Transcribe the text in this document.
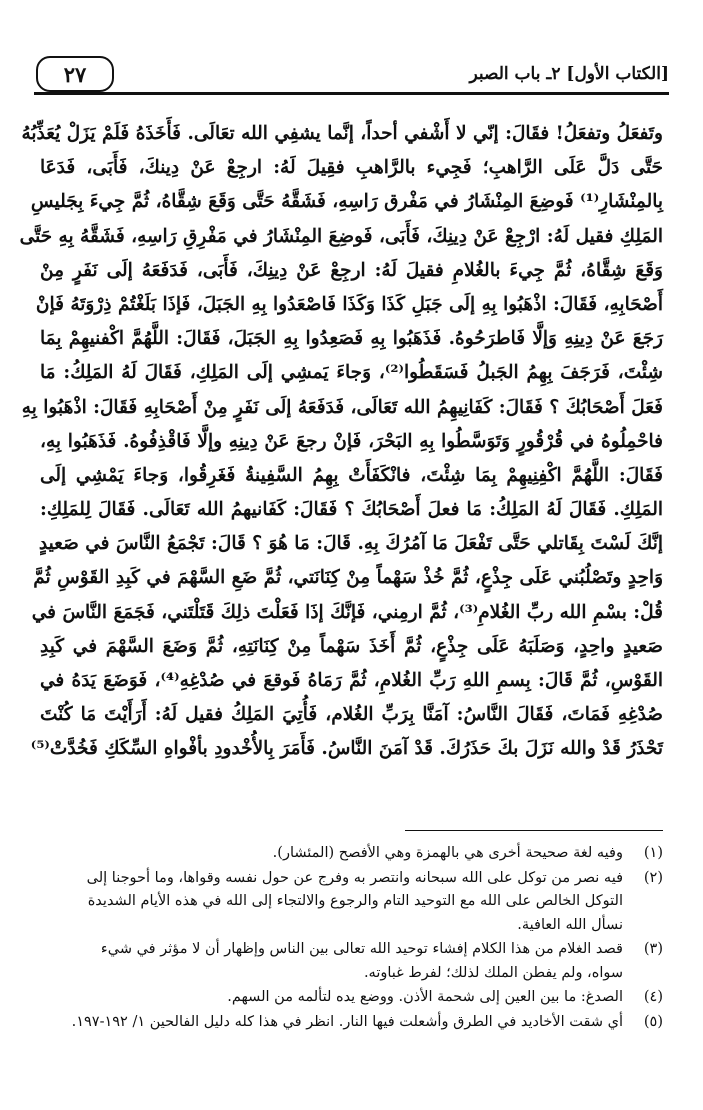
[الكتاب الأول] ٢ـ باب الصبر
٢٧
وتَفعَلُ وتفعَلُ! فقَالَ: إنّي لا أَشْفي أحداً، إنَّما يشفِي الله تعَالَى. فَأَخَذَهُ فَلَمْ يَزَلْ يُعَذِّبُهُ
حَتَّى دَلَّ عَلَى الرَّاهبِ؛ فَجِيء بالرَّاهبِ فقِيلَ لَهُ: ارجِعْ عَنْ دِينكَ، فَأَبَى، فَدَعَا
بِالمِنْشَارِ⁽¹⁾ فَوضِعَ المِنْشَارُ في مَفْرق رَاسِهِ، فَشَقَّهُ حَتَّى وَقَعَ شِقَّاهُ، ثُمَّ جِيءَ بِجَليسِ
المَلِكِ فقيل لَهُ: ارْجِعْ عَنْ دِينِكَ، فَأَبَى، فَوضِعَ المِنْشَارُ في مَفْرِقِ رَاسِهِ، فَشَقَّهُ بِهِ حَتَّى
وَقَعَ شِقَّاهُ، ثُمَّ جِيءَ بالغُلامِ فقيلَ لَهُ: ارجِعْ عَنْ دِينِكَ، فَأَبَى، فَدَفَعَهُ إلَى نَفَرٍ مِنْ
أَصْحَابِهِ، فَقَالَ: اذْهَبُوا بِهِ إلَى جَبَلِ كَذَا وَكَذَا فَاصْعَدُوا بِهِ الجَبَلَ، فَإذَا بَلَغْتُمْ ذِرْوَتَهُ فَإنْ
رَجَعَ عَنْ دِينِهِ وَإلَّا فَاطرَحُوهُ. فَذَهَبُوا بِهِ فَصَعِدُوا بِهِ الجَبَلَ، فَقَالَ: اللَّهُمَّ اكْفنيهِمْ بِمَا
شِئْتَ، فَرَجَفَ بِهِمُ الجَبلُ فَسَقَطُوا⁽²⁾، وَجاءَ يَمشِي إلَى المَلِكِ، فَقَالَ لَهُ المَلِكُ: مَا
فَعَلَ أَصْحَابُكَ ؟ فَقَالَ: كَفَانِيهِمُ الله تَعَالَى، فَدَفَعَهُ إلَى نَفَرٍ مِنْ أَصْحَابِهِ فَقَالَ: اذْهَبُوا بِهِ
فاحْمِلُوهُ في قُرْقُورٍ وَتَوَسَّطُوا بِهِ البَحْرَ، فَإنْ رجعَ عَنْ دِينِهِ وإلَّا فَاقْذِفُوهُ. فَذَهَبُوا بِهِ،
فَقَالَ: اللَّهُمَّ اكْفِنِيهِمْ بِمَا شِئْتَ، فانْكَفَأَتْ بِهِمُ السَّفِينةُ فَغَرِقُوا، وَجاءَ يَمْشِي إلَى
المَلِكِ. فَقَالَ لَهُ المَلِكُ: مَا فعلَ أَصْحَابُكَ ؟ فَقَالَ: كَفَانيهمُ الله تَعَالَى. فَقَالَ لِلمَلِكِ:
إنَّكَ لَسْتَ بِقَاتلي حَتَّى تَفْعَلَ مَا آمُرُكَ بِهِ. قَالَ: مَا هُوَ ؟ قَالَ: تَجْمَعُ النَّاسَ في صَعيدٍ
وَاحِدٍ وتَصْلُبُني عَلَى جِذْعٍ، ثُمَّ خُذْ سَهْماً مِنْ كِنَانَتي، ثُمَّ ضَعِ السَّهْمَ في كَبِدِ القَوْسِ ثُمَّ
قُلْ: بسْمِ الله ربِّ الغُلامِ⁽³⁾، ثُمَّ ارمِني، فَإنَّكَ إذَا فَعَلْتَ ذلِكَ قَتَلْتَني، فَجَمَعَ النَّاسَ في
صَعيدٍ واحِدٍ، وَصَلَبَهُ عَلَى جِذْعٍ، ثُمَّ أَخَذَ سَهْماً مِنْ كِنَانَتِهِ، ثُمَّ وَضَعَ السَّهْمَ في كَبِدِ
القَوْسِ، ثُمَّ قَالَ: بِسمِ اللهِ رَبِّ الغُلامِ، ثُمَّ رَمَاهُ فَوقعَ في صُدْغِهِ⁽⁴⁾، فَوَضَعَ يَدَهُ في
صُدْغِهِ فَمَاتَ، فَقَالَ النَّاسُ: آمَنَّا بِرَبِّ الغُلام، فَأُتِيَ المَلِكُ فقيل لَهُ: أَرَأَيْتَ مَا كُنْتَ
تَحْذَرُ قَدْ والله نَزَلَ بكَ حَذَرُكَ. قَدْ آمَنَ النَّاسُ. فَأَمَرَ بِالأُخْدودِ بأفْواهِ السِّكَكِ فَخُدَّتْ⁽⁵⁾
(١)
وفيه لغة صحيحة أخرى هي بالهمزة وهي الأفصح (المئشار).
(٢)
فيه نصر من توكل على الله سبحانه وانتصر به وفرج عن حول نفسه وقواها، وما أحوجنا إلى
التوكل الخالص على الله مع التوحيد التام والرجوع والالتجاء إلى الله في هذه الأيام الشديدة
نسأل الله العافية.
(٣)
قصد الغلام من هذا الكلام إفشاء توحيد الله تعالى بين الناس وإظهار أن لا مؤثر في شيء
سواه، ولم يفطن الملك لذلك؛ لفرط غباوته.
(٤)
الصدغ: ما بين العين إلى شحمة الأذن. ووضع يده لتألمه من السهم.
(٥)
أي شقت الأخاديد في الطرق وأشعلت فيها النار. انظر في هذا كله دليل الفالحين ١/ ١٩٢-١٩٧.
